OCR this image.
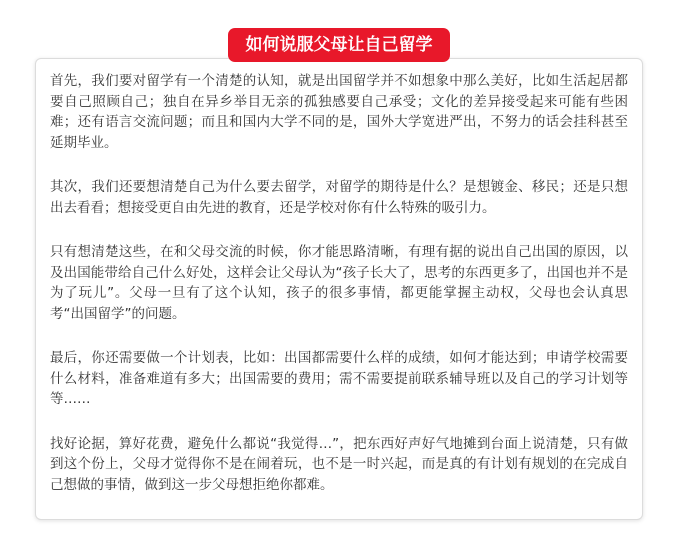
如何说服父母让自己留学

首先，我们要对留学有一个清楚的认知，就是出国留学并不如想象中那么美好，比如生活起居都要自己照顾自己；独自在异乡举目无亲的孤独感要自己承受；文化的差异接受起来可能有些困难；还有语言交流问题；而且和国内大学不同的是，国外大学宽进严出，不努力的话会挂科甚至延期毕业。

其次，我们还要想清楚自己为什么要去留学，对留学的期待是什么？是想镀金、移民；还是只想出去看看；想接受更自由先进的教育，还是学校对你有什么特殊的吸引力。

只有想清楚这些，在和父母交流的时候，你才能思路清晰，有理有据的说出自己出国的原因，以及出国能带给自己什么好处，这样会让父母认为“孩子长大了，思考的东西更多了，出国也并不是为了玩儿”。父母一旦有了这个认知，孩子的很多事情，都更能掌握主动权，父母也会认真思考“出国留学”的问题。

最后，你还需要做一个计划表，比如：出国都需要什么样的成绩，如何才能达到；申请学校需要什么材料，准备难道有多大；出国需要的费用；需不需要提前联系辅导班以及自己的学习计划等等……

找好论据，算好花费，避免什么都说“我觉得…”，把东西好声好气地摊到台面上说清楚，只有做到这个份上，父母才觉得你不是在闹着玩，也不是一时兴起，而是真的有计划有规划的在完成自己想做的事情，做到这一步父母想拒绝你都难。
